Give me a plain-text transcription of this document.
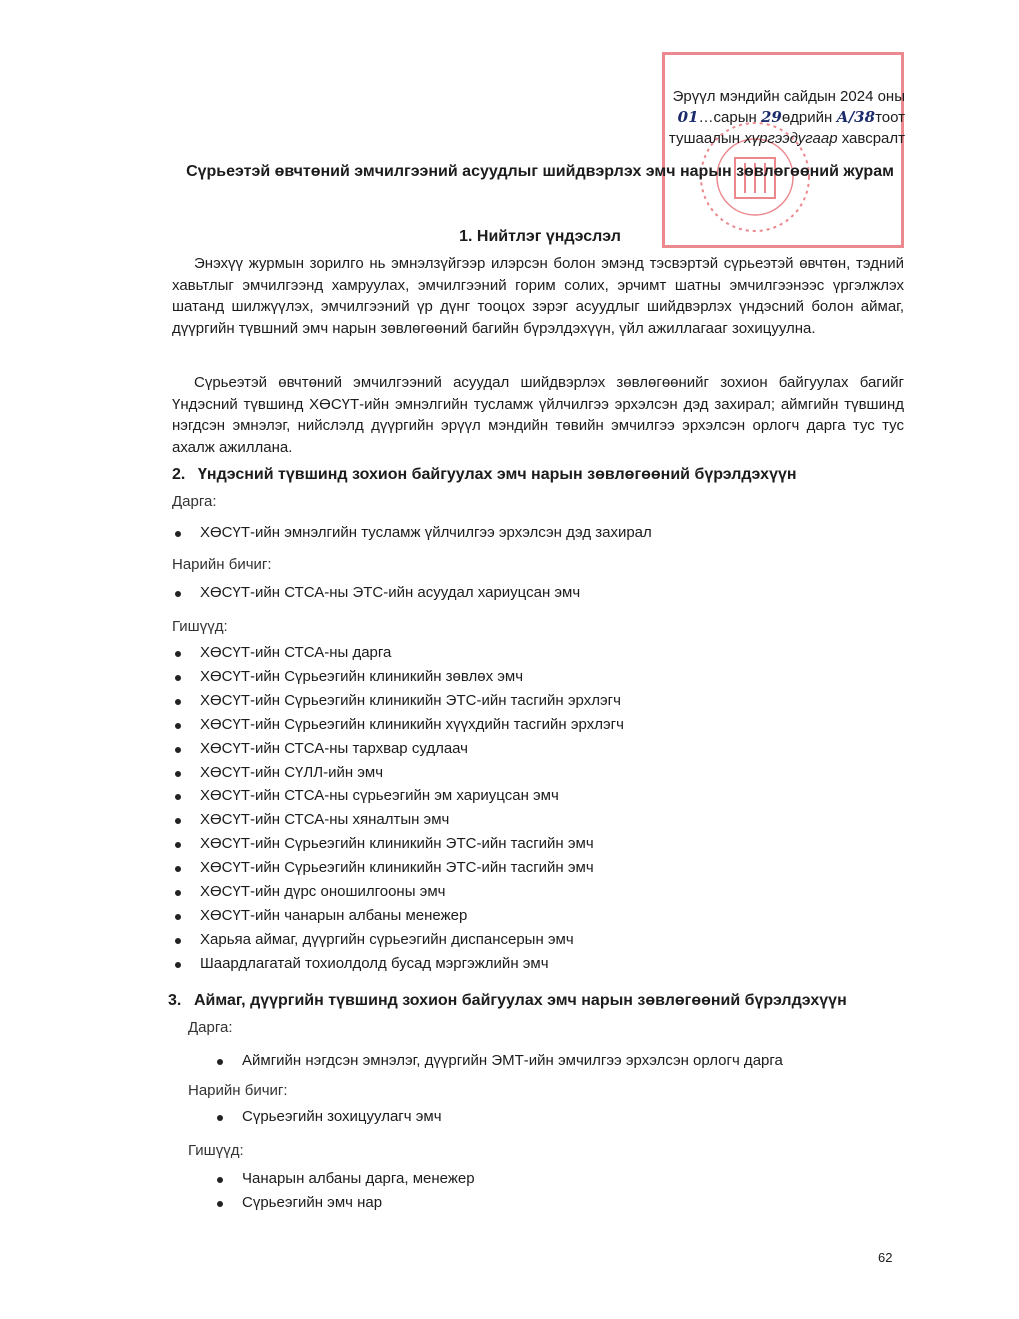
Эрүүл мэндийн сайдын 2024 оны
01…сарын 29өдрийн А/38тоот
тушаалын хүргээдугаар хавсралт
Сүрьеэтэй өвчтөний эмчилгээний асуудлыг шийдвэрлэх эмч нарын зөвлөгөөний журам
1. Нийтлэг үндэслэл
Энэхүү журмын зорилго нь эмнэлзүйгээр илэрсэн болон эмэнд тэсвэртэй сүрьеэтэй өвчтөн, тэдний хавьтлыг эмчилгээнд хамруулах, эмчилгээний горим солих, эрчимт шатны эмчилгээнээс үргэлжлэх шатанд шилжүүлэх, эмчилгээний үр дүнг тооцох зэрэг асуудлыг шийдвэрлэх үндэсний болон аймаг, дүүргийн түвшний эмч нарын зөвлөгөөний багийн бүрэлдэхүүн, үйл ажиллагааг зохицуулна.
Сүрьеэтэй өвчтөний эмчилгээний асуудал шийдвэрлэх зөвлөгөөнийг зохион байгуулах багийг Үндэсний түвшинд ХӨСҮТ-ийн эмнэлгийн тусламж үйлчилгээ эрхэлсэн дэд захирал; аймгийн түвшинд нэгдсэн эмнэлэг, нийслэлд дүүргийн эрүүл мэндийн төвийн эмчилгээ эрхэлсэн орлогч дарга тус тус ахалж ажиллана.
2. Үндэсний түвшинд зохион байгуулах эмч нарын зөвлөгөөний бүрэлдэхүүн
Дарга:
ХӨСҮТ-ийн эмнэлгийн тусламж үйлчилгээ эрхэлсэн дэд захирал
Нарийн бичиг:
ХӨСҮТ-ийн СТСА-ны ЭТС-ийн асуудал хариуцсан эмч
Гишүүд:
ХӨСҮТ-ийн СТСА-ны дарга
ХӨСҮТ-ийн Сүрьеэгийн клиникийн зөвлөх эмч
ХӨСҮТ-ийн Сүрьеэгийн клиникийн ЭТС-ийн тасгийн эрхлэгч
ХӨСҮТ-ийн Сүрьеэгийн клиникийн хүүхдийн тасгийн эрхлэгч
ХӨСҮТ-ийн СТСА-ны тархвар судлаач
ХӨСҮТ-ийн СҮЛЛ-ийн эмч
ХӨСҮТ-ийн СТСА-ны сүрьеэгийн эм хариуцсан эмч
ХӨСҮТ-ийн СТСА-ны хяналтын эмч
ХӨСҮТ-ийн Сүрьеэгийн клиникийн ЭТС-ийн тасгийн эмч
ХӨСҮТ-ийн Сүрьеэгийн клиникийн ЭТС-ийн тасгийн эмч
ХӨСҮТ-ийн дүрс оношилгооны эмч
ХӨСҮТ-ийн чанарын албаны менежер
Харьяа аймаг, дүүргийн сүрьеэгийн диспансерын эмч
Шаардлагатай тохиолдолд бусад мэргэжлийн эмч
3. Аймаг, дүүргийн түвшинд зохион байгуулах эмч нарын зөвлөгөөний бүрэлдэхүүн
Дарга:
Аймгийн нэгдсэн эмнэлэг, дүүргийн ЭМТ-ийн эмчилгээ эрхэлсэн орлогч дарга
Нарийн бичиг:
Сүрьеэгийн зохицуулагч эмч
Гишүүд:
Чанарын албаны дарга, менежер
Сүрьеэгийн эмч нар
62
